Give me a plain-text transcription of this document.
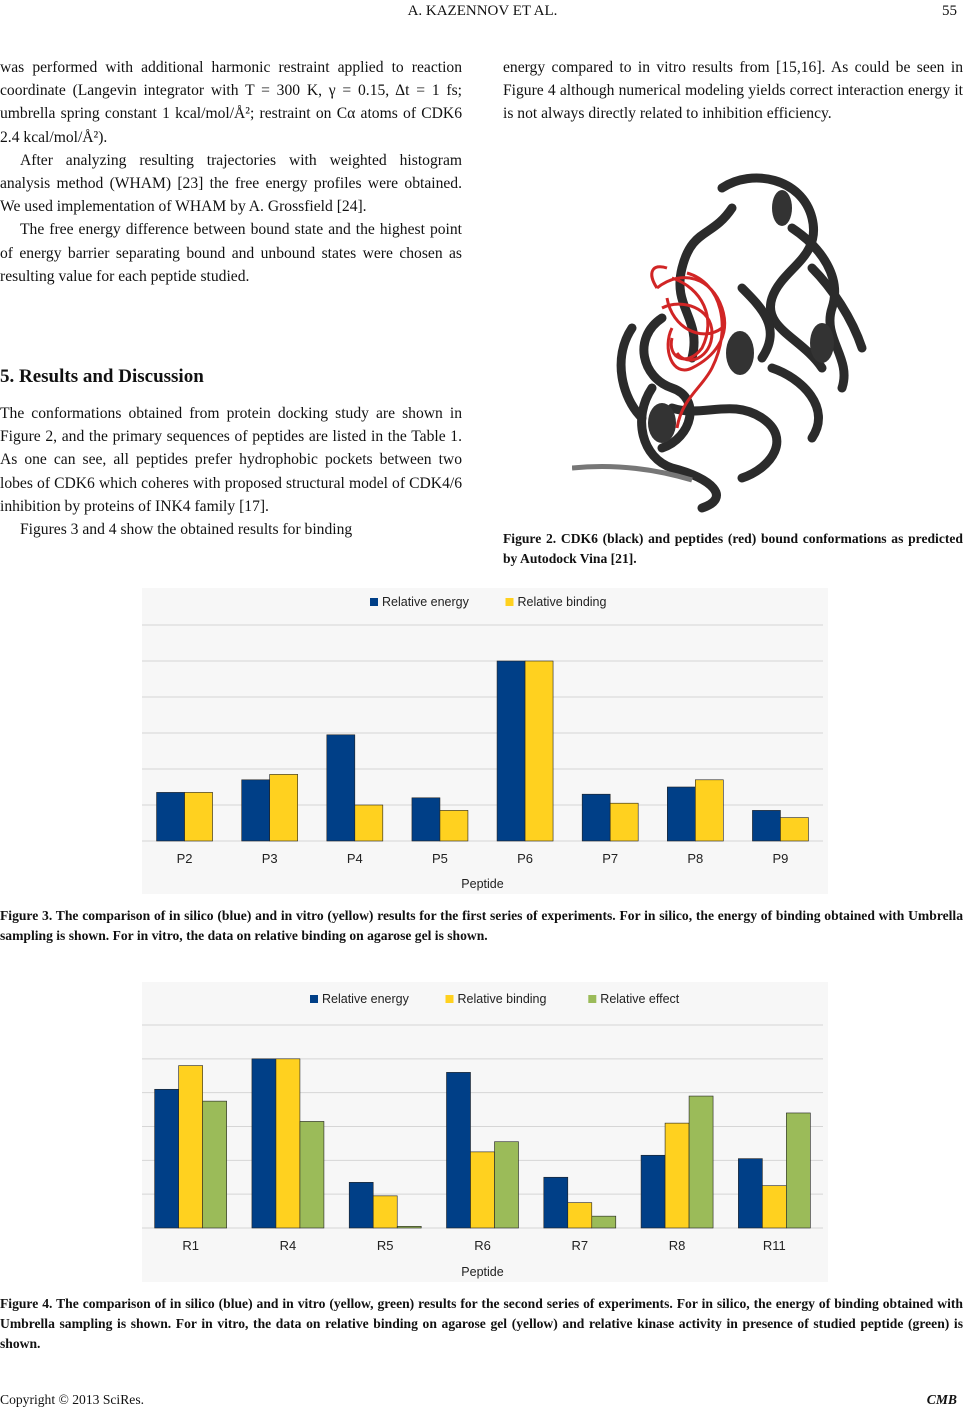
A. KAZENNOV ET AL.	55

was performed with additional harmonic restraint applied to reaction coordinate (Langevin integrator with T = 300 K, γ = 0.15, Δt = 1 fs; umbrella spring constant 1 kcal/mol/Å²; restraint on Cα atoms of CDK6 2.4 kcal/mol/Å²).

After analyzing resulting trajectories with weighted histogram analysis method (WHAM) [23] the free energy profiles were obtained. We used implementation of WHAM by A. Grossfield [24].

The free energy difference between bound state and the highest point of energy barrier separating bound and unbound states were chosen as resulting value for each peptide studied.

5. Results and Discussion

The conformations obtained from protein docking study are shown in Figure 2, and the primary sequences of peptides are listed in the Table 1. As one can see, all peptides prefer hydrophobic pockets between two lobes of CDK6 which coheres with proposed structural model of CDK4/6 inhibition by proteins of INK4 family [17].

Figures 3 and 4 show the obtained results for binding

energy compared to in vitro results from [15,16]. As could be seen in Figure 4 although numerical modeling yields correct interaction energy it is not always directly related to inhibition efficiency.

Figure 2. CDK6 (black) and peptides (red) bound conformations as predicted by Autodock Vina [21].
Relative energy	Relative binding
P2	P3	P4	P5	P6	P7	P8	P9
Peptide
Figure 3. The comparison of in silico (blue) and in vitro (yellow) results for the first series of experiments. For in silico, the energy of binding obtained with Umbrella sampling is shown. For in vitro, the data on relative binding on agarose gel is shown.
Relative energy	Relative binding	Relative effect
R1	R4	R5	R6	R7	R8	R11
Peptide
Figure 4. The comparison of in silico (blue) and in vitro (yellow, green) results for the second series of experiments. For in silico, the energy of binding obtained with Umbrella sampling is shown. For in vitro, the data on relative binding on agarose gel (yellow) and relative kinase activity in presence of studied peptide (green) is shown.
Copyright © 2013 SciRes.	CMB
